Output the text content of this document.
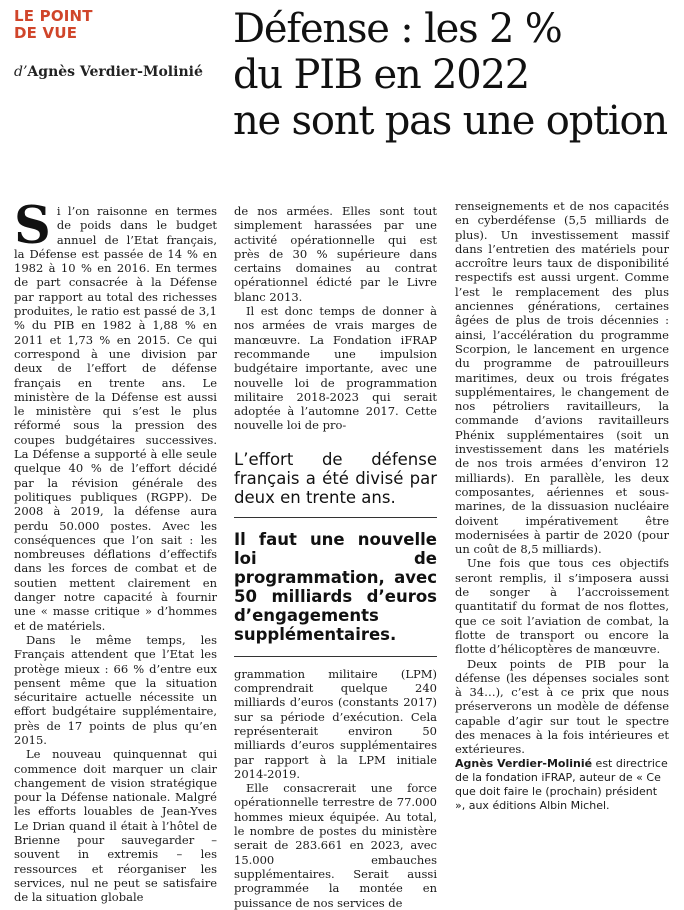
LE POINT
DE VUE
d’Agnès Verdier-Molinié
Défense : les 2 %
du PIB en 2022
ne sont pas une option

Si l’on raisonne en termes de poids dans le budget annuel de l’Etat français, la Défense est passée de 14 % en 1982 à 10 % en 2016. En termes de part consacrée à la Défense par rapport au total des richesses produites, le ratio est passé de 3,1 % du PIB en 1982 à 1,88 % en 2011 et 1,73 % en 2015. Ce qui correspond à une division par deux de l’effort de défense français en trente ans. Le ministère de la Défense est aussi le ministère qui s’est le plus réformé sous la pression des coupes budgétaires successives. La Défense a supporté à elle seule quelque 40 % de l’effort décidé par la révision générale des politiques publiques (RGPP). De 2008 à 2019, la défense aura perdu 50.000 postes. Avec les conséquences que l’on sait : les nombreuses déflations d’effectifs dans les forces de combat et de soutien mettent clairement en danger notre capacité à fournir une « masse critique » d’hommes et de matériels.

Dans le même temps, les Français attendent que l’Etat les protège mieux : 66 % d’entre eux pensent même que la situation sécuritaire actuelle nécessite un effort budgétaire supplémentaire, près de 17 points de plus qu’en 2015.

Le nouveau quinquennat qui commence doit marquer un clair changement de vision stratégique pour la Défense nationale. Malgré les efforts louables de Jean-Yves Le Drian quand il était à l’hôtel de Brienne pour sauvegarder – souvent in extremis – les ressources et réorganiser les services, nul ne peut se satisfaire de la situation globale

de nos armées. Elles sont tout simplement harassées par une activité opérationnelle qui est près de 30 % supérieure dans certains domaines au contrat opérationnel édicté par le Livre blanc 2013.

Il est donc temps de donner à nos armées de vrais marges de manœuvre. La Fondation iFRAP recommande une impulsion budgétaire importante, avec une nouvelle loi de programmation militaire 2018-2023 qui serait adoptée à l’automne 2017. Cette nouvelle loi de pro-

L’effort de défense français a été divisé par deux en trente ans.
Il faut une nouvelle loi de programmation, avec 50 milliards d’euros d’engagements supplémentaires.

grammation militaire (LPM) comprendrait quelque 240 milliards d’euros (constants 2017) sur sa période d’exécution. Cela représenterait environ 50 milliards d’euros supplémentaires par rapport à la LPM initiale 2014-2019.

Elle consacrerait une force opérationnelle terrestre de 77.000 hommes mieux équipée. Au total, le nombre de postes du ministère serait de 283.661 en 2023, avec 15.000 embauches supplémentaires. Serait aussi programmée la montée en puissance de nos services de

renseignements et de nos capacités en cyberdéfense (5,5 milliards de plus). Un investissement massif dans l’entretien des matériels pour accroître leurs taux de disponibilité respectifs est aussi urgent. Comme l’est le remplacement des plus anciennes générations, certaines âgées de plus de trois décennies : ainsi, l’accélération du programme Scorpion, le lancement en urgence du programme de patrouilleurs maritimes, deux ou trois frégates supplémentaires, le changement de nos pétroliers ravitailleurs, la commande d’avions ravitailleurs Phénix supplémentaires (soit un investissement dans les matériels de nos trois armées d’environ 12 milliards). En parallèle, les deux composantes, aériennes et sous-marines, de la dissuasion nucléaire doivent impérativement être modernisées à partir de 2020 (pour un coût de 8,5 milliards).

Une fois que tous ces objectifs seront remplis, il s’imposera aussi de songer à l’accroissement quantitatif du format de nos flottes, que ce soit l’aviation de combat, la flotte de transport ou encore la flotte d’hélicoptères de manœuvre.

Deux points de PIB pour la défense (les dépenses sociales sont à 34…), c’est à ce prix que nous préserverons un modèle de défense capable d’agir sur tout le spectre des menaces à la fois intérieures et extérieures.

Agnès Verdier-Molinié est directrice de la fondation iFRAP, auteur de « Ce que doit faire le (prochain) président », aux éditions Albin Michel.
